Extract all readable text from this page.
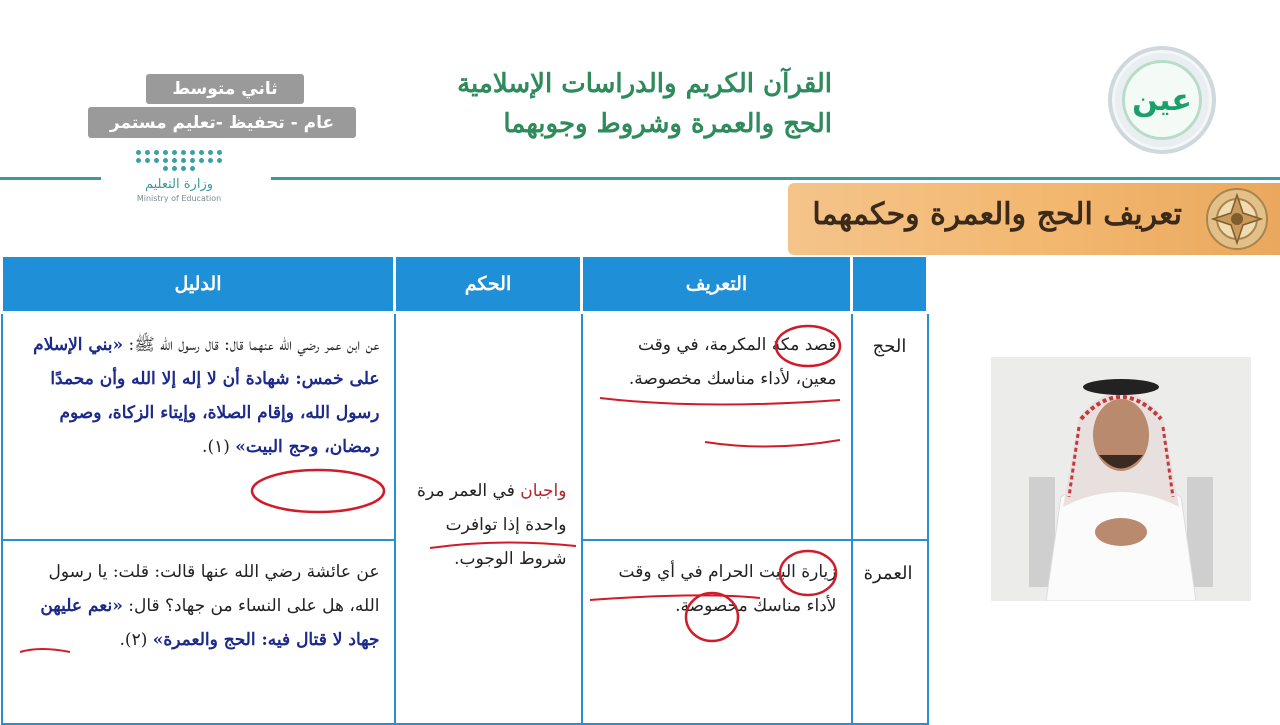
عين
القرآن الكريم والدراسات الإسلامية
الحج والعمرة وشروط وجوبهما
ثاني متوسط
عام - تحفيظ -تعليم مستمر
وزارة التعليم
Ministry of Education	تعريف الحج والعمرة وحكمهما
	التعريف	الحكم	الدليل
الحج	قصد مكة المكرمة، في وقت معين، لأداء مناسك مخصوصة.	واجبان في العمر مرة واحدة إذا توافرت شروط الوجوب.	عن ابن عمر رضي الله عنهما قال: قال رسول الله ﷺ: «بني الإسلام على خمس: شهادة أن لا إله إلا الله وأن محمدًا رسول الله، وإقام الصلاة، وإيتاء الزكاة، وصوم رمضان، وحج البيت» (١).
العمرة	زيارة البيت الحرام في أي وقت لأداء مناسك مخصوصة.		عن عائشة رضي الله عنها قالت: قلت: يا رسول الله، هل على النساء من جهاد؟ قال: «نعم عليهن جهاد لا قتال فيه: الحج والعمرة» (٢).
